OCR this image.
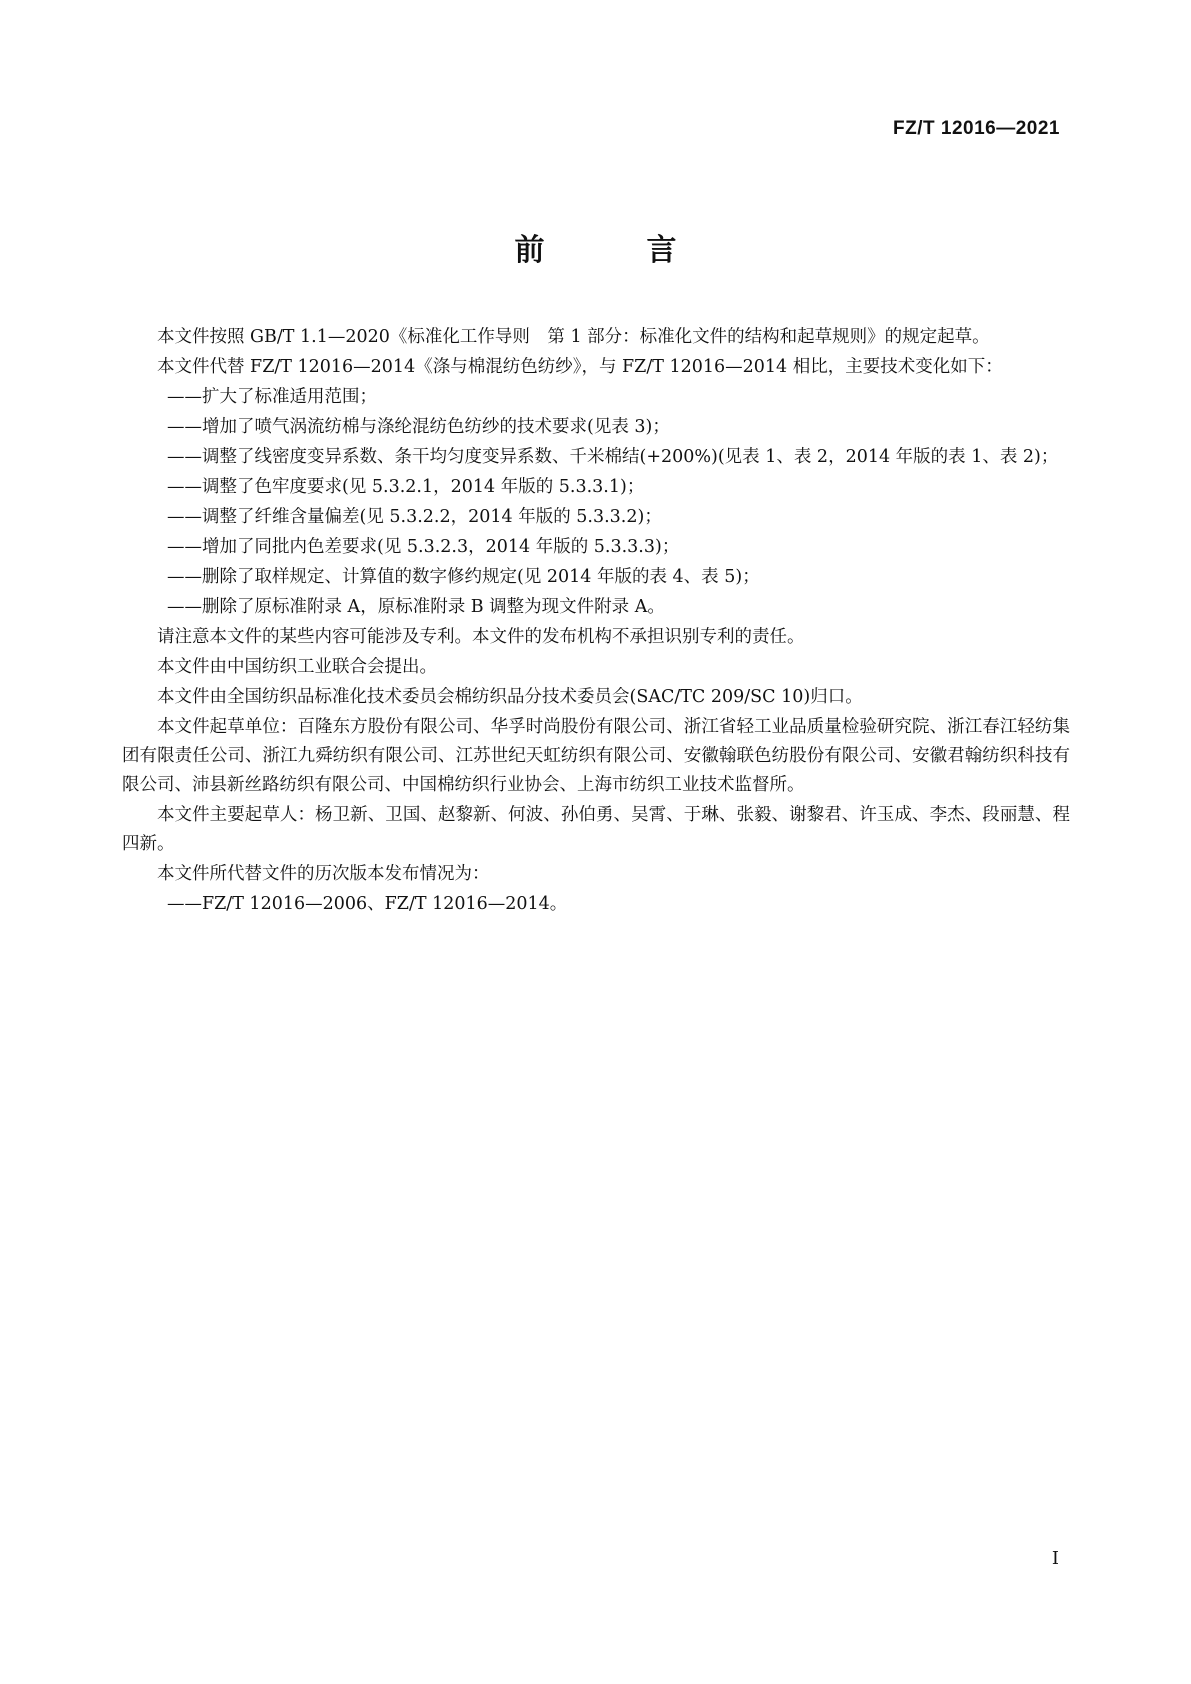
FZ/T 12016—2021
前　言

本文件按照 GB/T 1.1—2020《标准化工作导则　第 1 部分：标准化文件的结构和起草规则》的规定起草。

本文件代替 FZ/T 12016—2014《涤与棉混纺色纺纱》，与 FZ/T 12016—2014 相比，主要技术变化如下：

——扩大了标准适用范围；

——增加了喷气涡流纺棉与涤纶混纺色纺纱的技术要求(见表 3)；

——调整了线密度变异系数、条干均匀度变异系数、千米棉结(+200%)(见表 1、表 2，2014 年版的表 1、表 2)；

——调整了色牢度要求(见 5.3.2.1，2014 年版的 5.3.3.1)；

——调整了纤维含量偏差(见 5.3.2.2，2014 年版的 5.3.3.2)；

——增加了同批内色差要求(见 5.3.2.3，2014 年版的 5.3.3.3)；

——删除了取样规定、计算值的数字修约规定(见 2014 年版的表 4、表 5)；

——删除了原标准附录 A，原标准附录 B 调整为现文件附录 A。

请注意本文件的某些内容可能涉及专利。本文件的发布机构不承担识别专利的责任。

本文件由中国纺织工业联合会提出。

本文件由全国纺织品标准化技术委员会棉纺织品分技术委员会(SAC/TC 209/SC 10)归口。

本文件起草单位：百隆东方股份有限公司、华孚时尚股份有限公司、浙江省轻工业品质量检验研究院、浙江春江轻纺集团有限责任公司、浙江九舜纺织有限公司、江苏世纪天虹纺织有限公司、安徽翰联色纺股份有限公司、安徽君翰纺织科技有限公司、沛县新丝路纺织有限公司、中国棉纺织行业协会、上海市纺织工业技术监督所。

本文件主要起草人：杨卫新、卫国、赵黎新、何波、孙伯勇、吴霄、于琳、张毅、谢黎君、许玉成、李杰、段丽慧、程四新。

本文件所代替文件的历次版本发布情况为：

——FZ/T 12016—2006、FZ/T 12016—2014。

I
